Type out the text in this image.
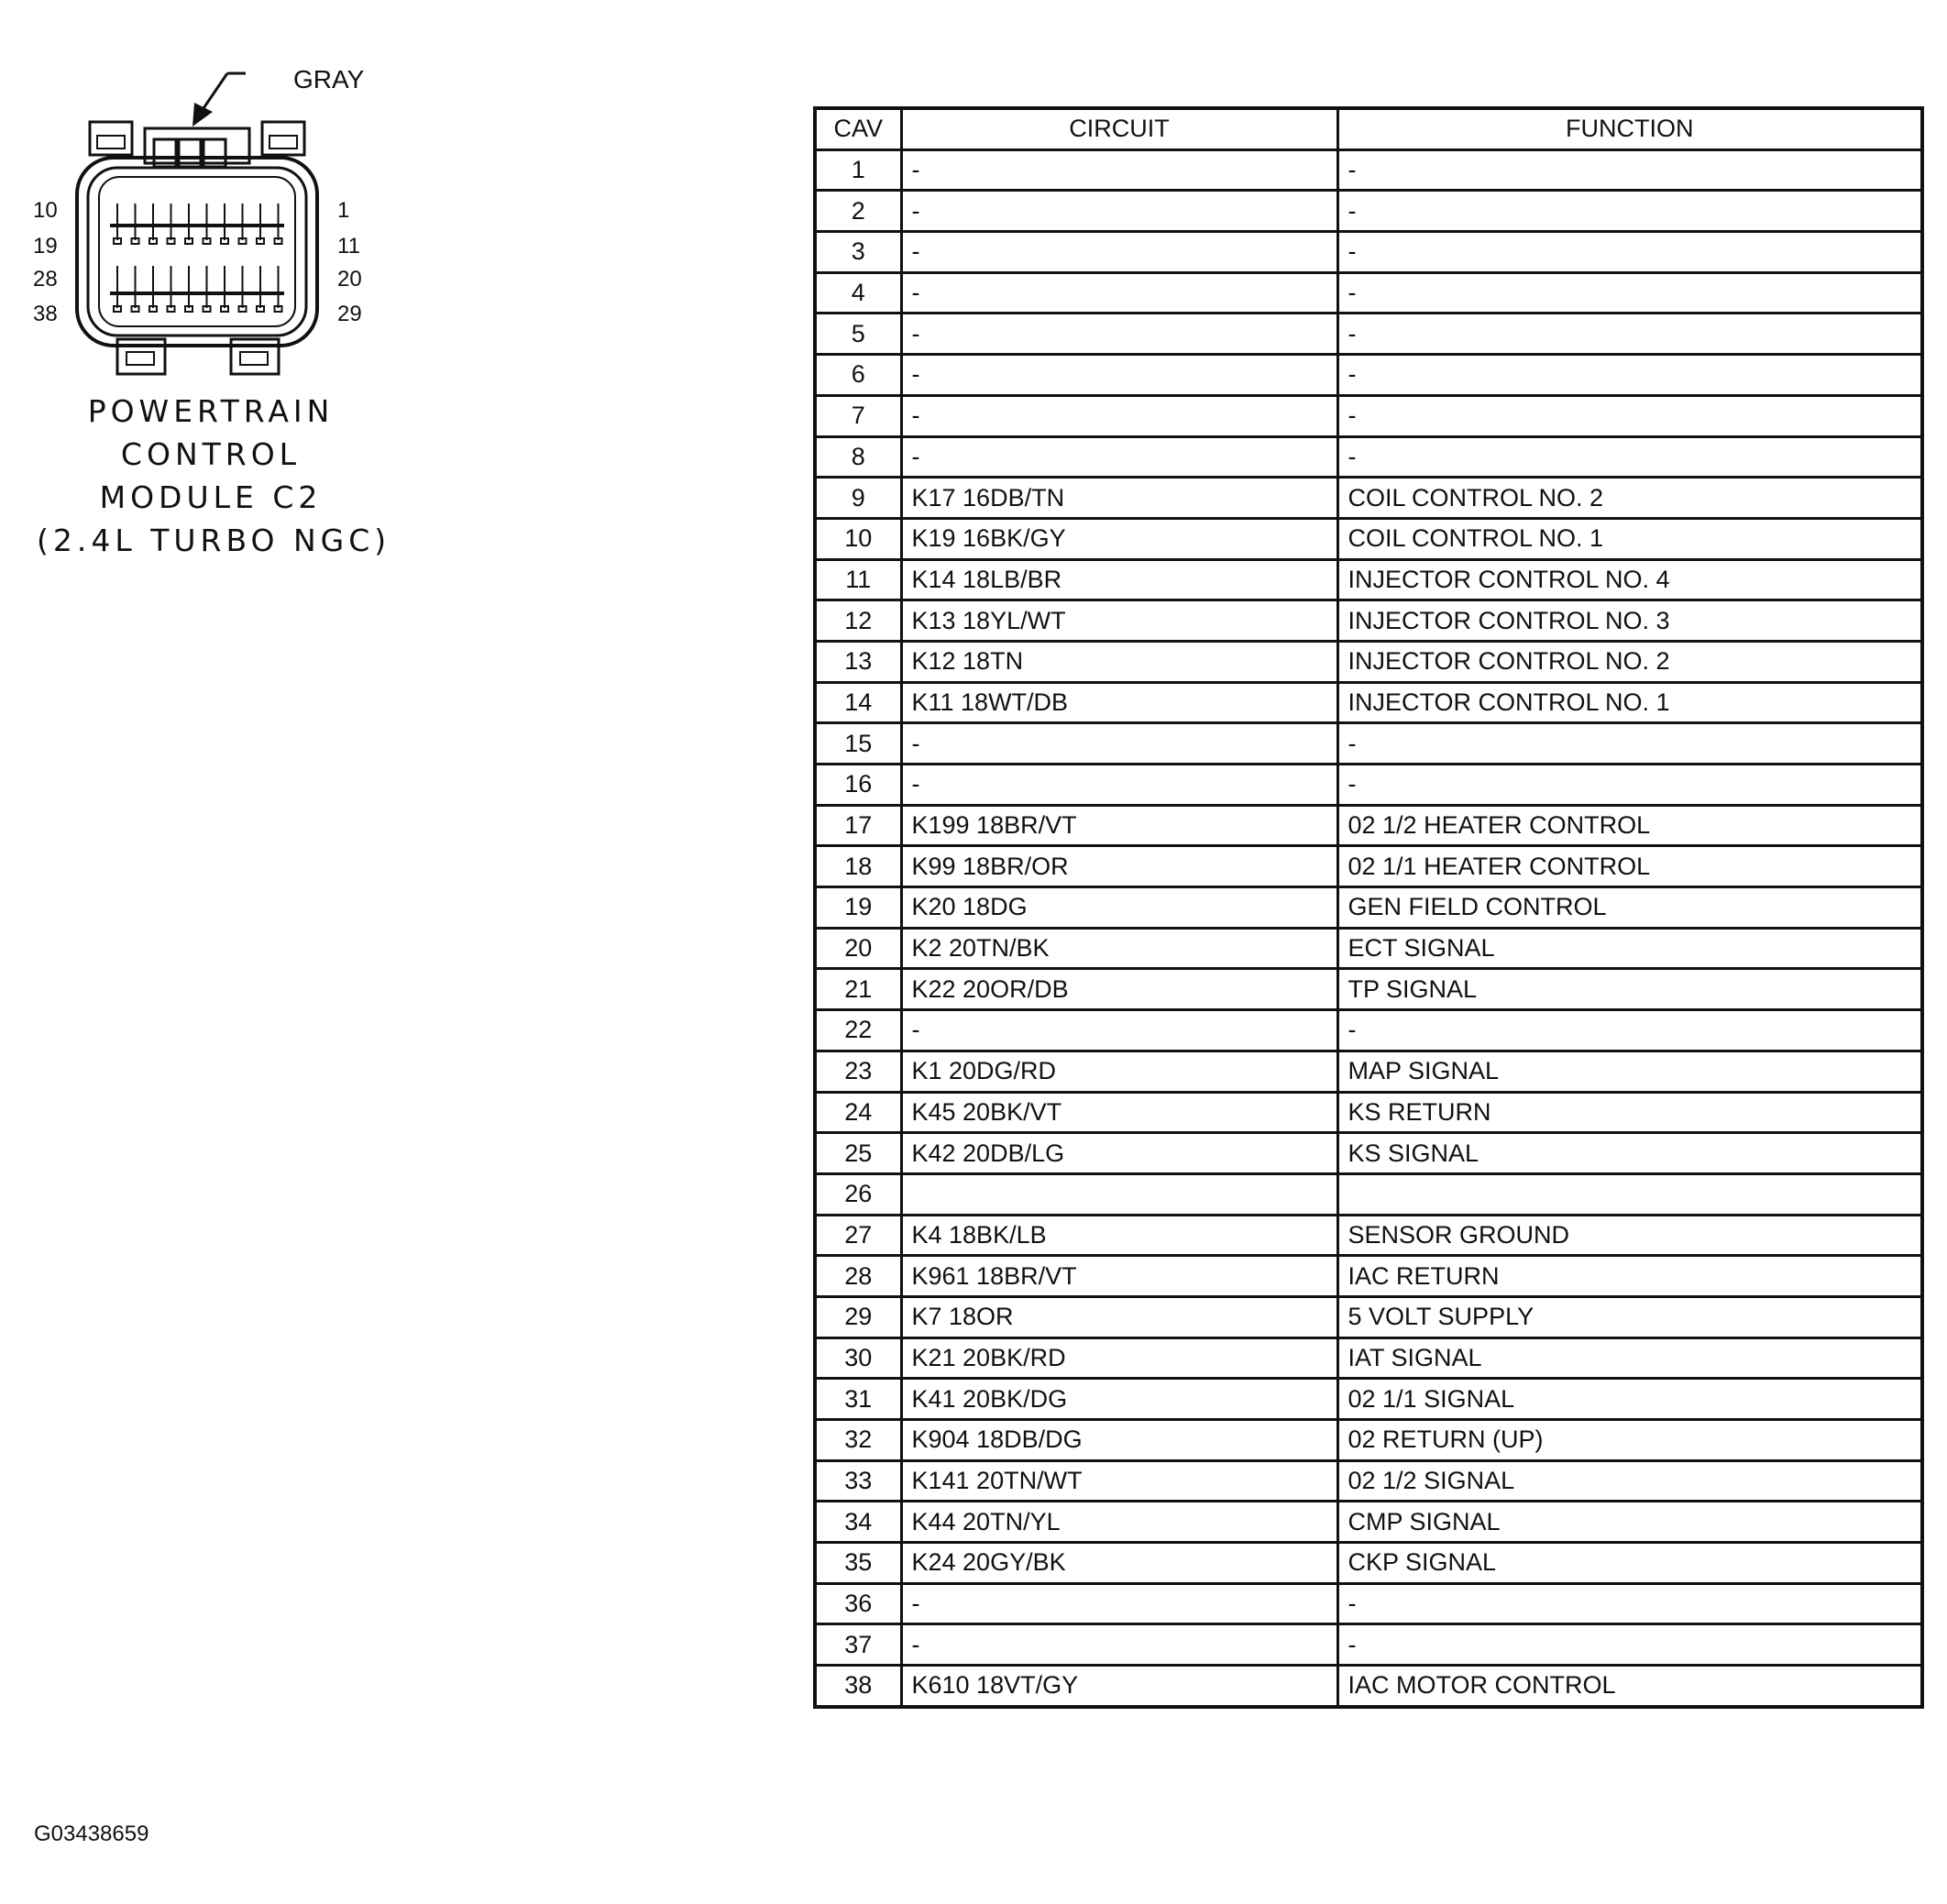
GRAY
10	1
19	11
28	20
38	29
POWERTRAIN
CONTROL
MODULE C2
(2.4L TURBO NGC)
G03438659
CAV	CIRCUIT	FUNCTION
1	-	-
2	-	-
3	-	-
4	-	-
5	-	-
6	-	-
7	-	-
8	-	-
9	K17 16DB/TN	COIL CONTROL NO. 2
10	K19 16BK/GY	COIL CONTROL NO. 1
11	K14 18LB/BR	INJECTOR CONTROL NO. 4
12	K13 18YL/WT	INJECTOR CONTROL NO. 3
13	K12 18TN	INJECTOR CONTROL NO. 2
14	K11 18WT/DB	INJECTOR CONTROL NO. 1
15	-	-
16	-	-
17	K199 18BR/VT	02 1/2 HEATER CONTROL
18	K99 18BR/OR	02 1/1 HEATER CONTROL
19	K20 18DG	GEN FIELD CONTROL
20	K2 20TN/BK	ECT SIGNAL
21	K22 20OR/DB	TP SIGNAL
22	-	-
23	K1 20DG/RD	MAP SIGNAL
24	K45 20BK/VT	KS RETURN
25	K42 20DB/LG	KS SIGNAL
26		
27	K4 18BK/LB	SENSOR GROUND
28	K961 18BR/VT	IAC RETURN
29	K7 18OR	5 VOLT SUPPLY
30	K21 20BK/RD	IAT SIGNAL
31	K41 20BK/DG	02 1/1 SIGNAL
32	K904 18DB/DG	02 RETURN (UP)
33	K141 20TN/WT	02 1/2 SIGNAL
34	K44 20TN/YL	CMP SIGNAL
35	K24 20GY/BK	CKP SIGNAL
36	-	-
37	-	-
38	K610 18VT/GY	IAC MOTOR CONTROL
